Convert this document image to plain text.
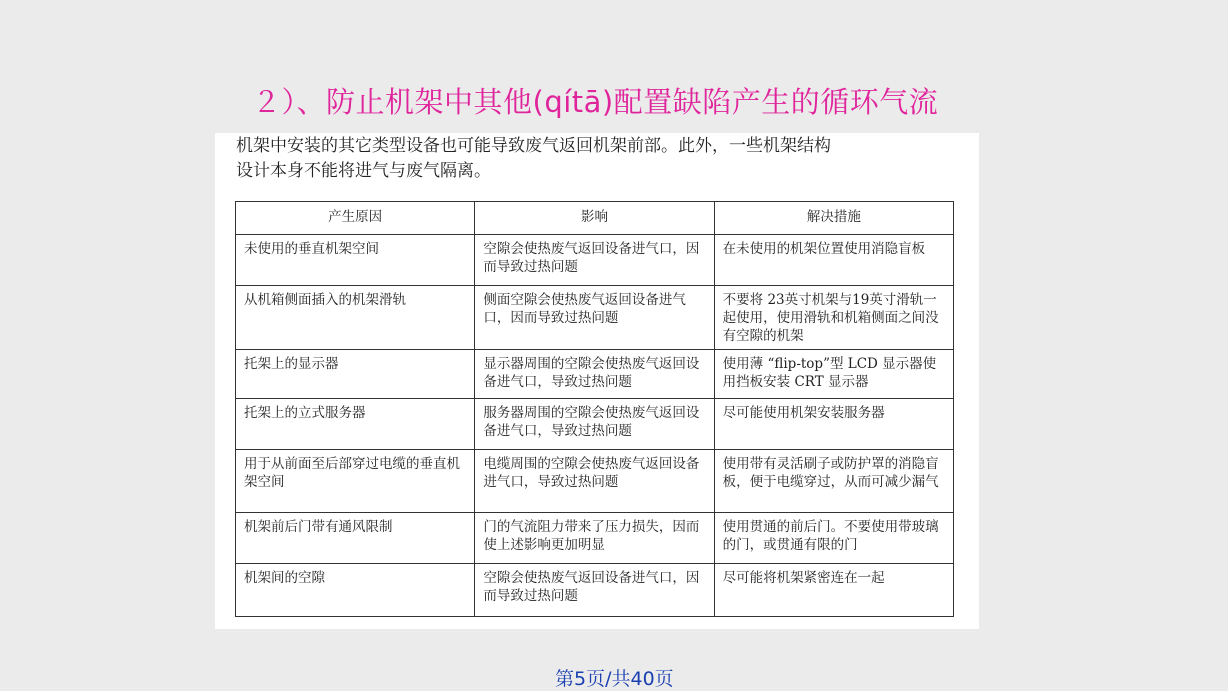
２）、防止机架中其他(qítā)配置缺陷产生的循环气流
机架中安装的其它类型设备也可能导致废气返回机架前部。此外，一些机架结构
设计本身不能将进气与废气隔离。
产生原因	影响	解决措施
未使用的垂直机架空间	空隙会使热废气返回设备进气口，因而导致过热问题	在未使用的机架位置使用消隐盲板
从机箱侧面插入的机架滑轨	侧面空隙会使热废气返回设备进气口，因而导致过热问题	不要将 23英寸机架与19英寸滑轨一起使用，使用滑轨和机箱侧面之间没有空隙的机架
托架上的显示器	显示器周围的空隙会使热废气返回设备进气口，导致过热问题	使用薄 “flip-top”型 LCD 显示器使用挡板安装 CRT 显示器
托架上的立式服务器	服务器周围的空隙会使热废气返回设备进气口，导致过热问题	尽可能使用机架安装服务器
用于从前面至后部穿过电缆的垂直机架空间	电缆周围的空隙会使热废气返回设备进气口，导致过热问题	使用带有灵活刷子或防护罩的消隐盲板，便于电缆穿过，从而可减少漏气
机架前后门带有通风限制	门的气流阻力带来了压力损失，因而使上述影响更加明显	使用贯通的前后门。不要使用带玻璃的门，或贯通有限的门
机架间的空隙	空隙会使热废气返回设备进气口，因而导致过热问题	尽可能将机架紧密连在一起
第5页/共40页
